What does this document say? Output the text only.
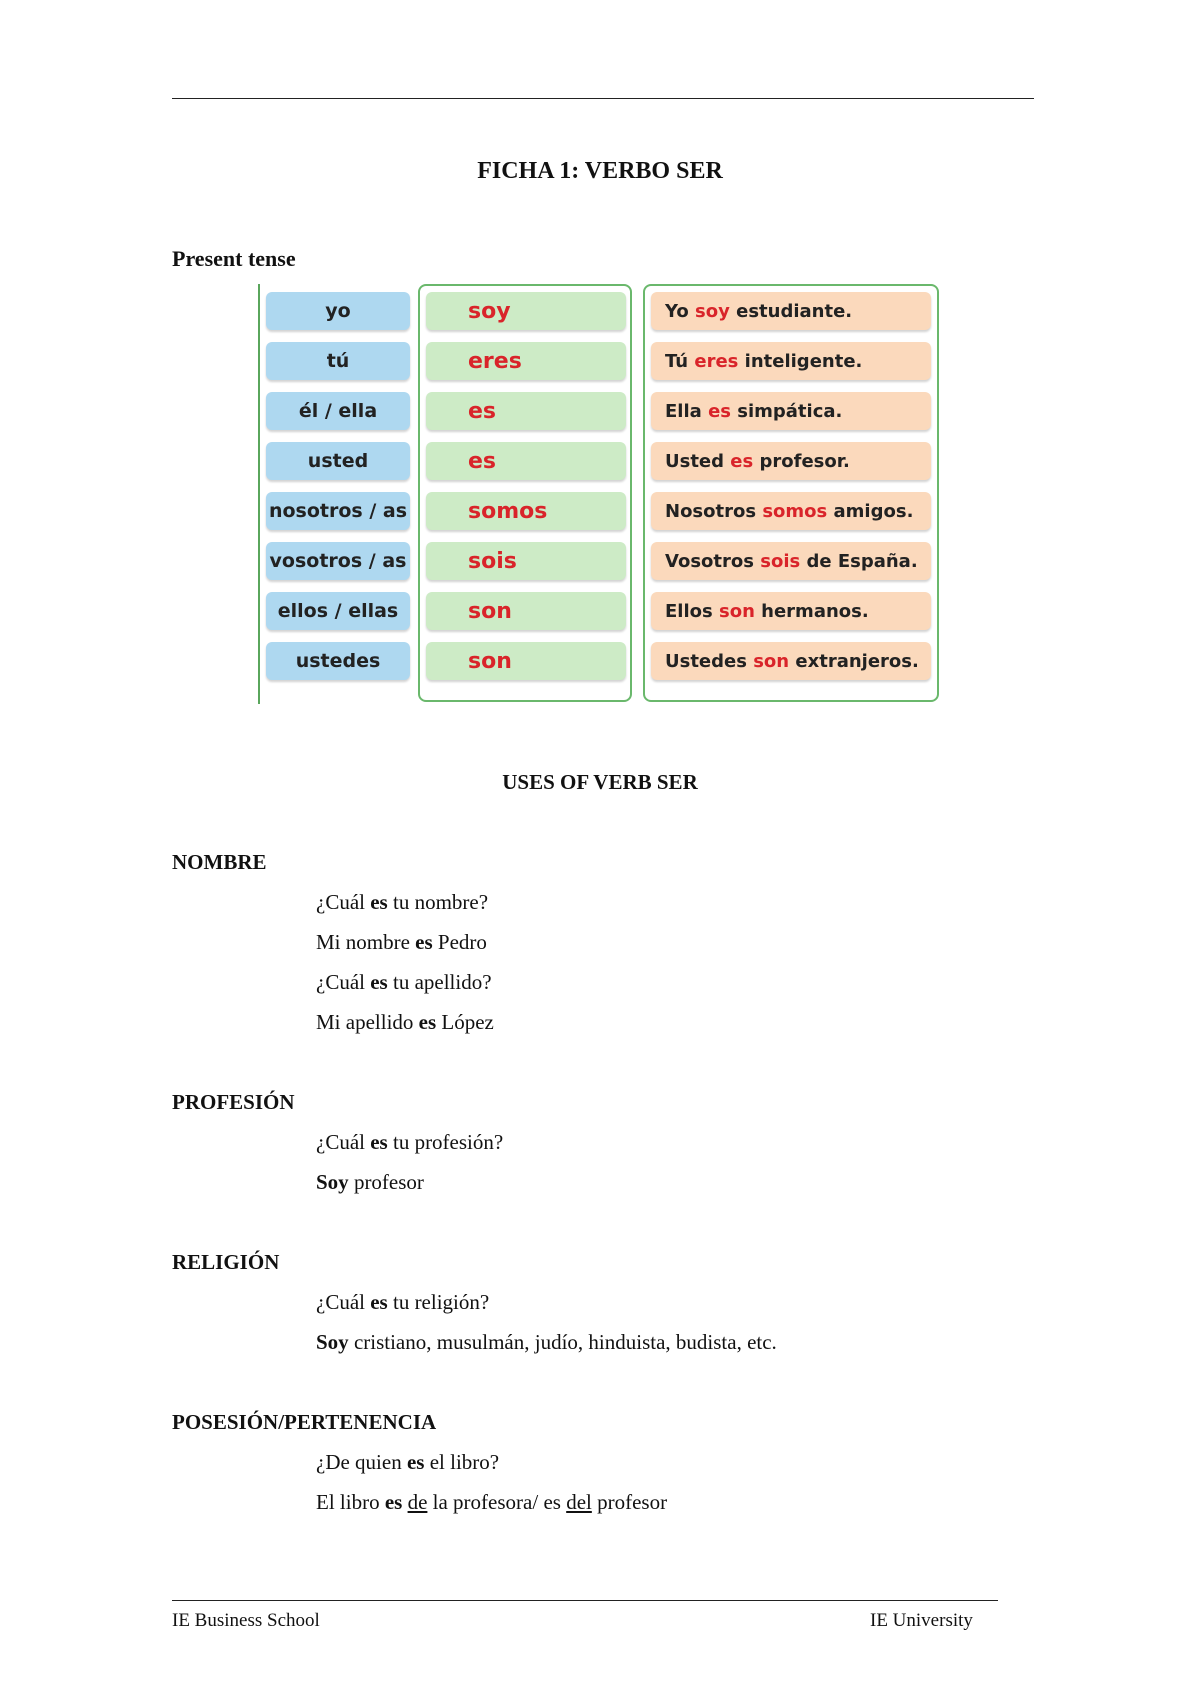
FICHA 1: VERBO SER
Present tense
yo	soy	Yo soy estudiante.
tú	eres	Tú eres inteligente.
él / ella	es	Ella es simpática.
usted	es	Usted es profesor.
nosotros / as	somos	Nosotros somos amigos.
vosotros / as	sois	Vosotros sois de España.
ellos / ellas	son	Ellos son hermanos.
ustedes	son	Ustedes son extranjeros.
USES OF VERB SER
NOMBRE
¿Cuál es tu nombre?
Mi nombre es Pedro
¿Cuál es tu apellido?
Mi apellido es López
PROFESIÓN
¿Cuál es tu profesión?
Soy profesor
RELIGIÓN
¿Cuál es tu religión?
Soy cristiano, musulmán, judío, hinduista, budista, etc.
POSESIÓN/PERTENENCIA
¿De quien es el libro?
El libro es de la profesora/ es del profesor
IE Business School	IE University
